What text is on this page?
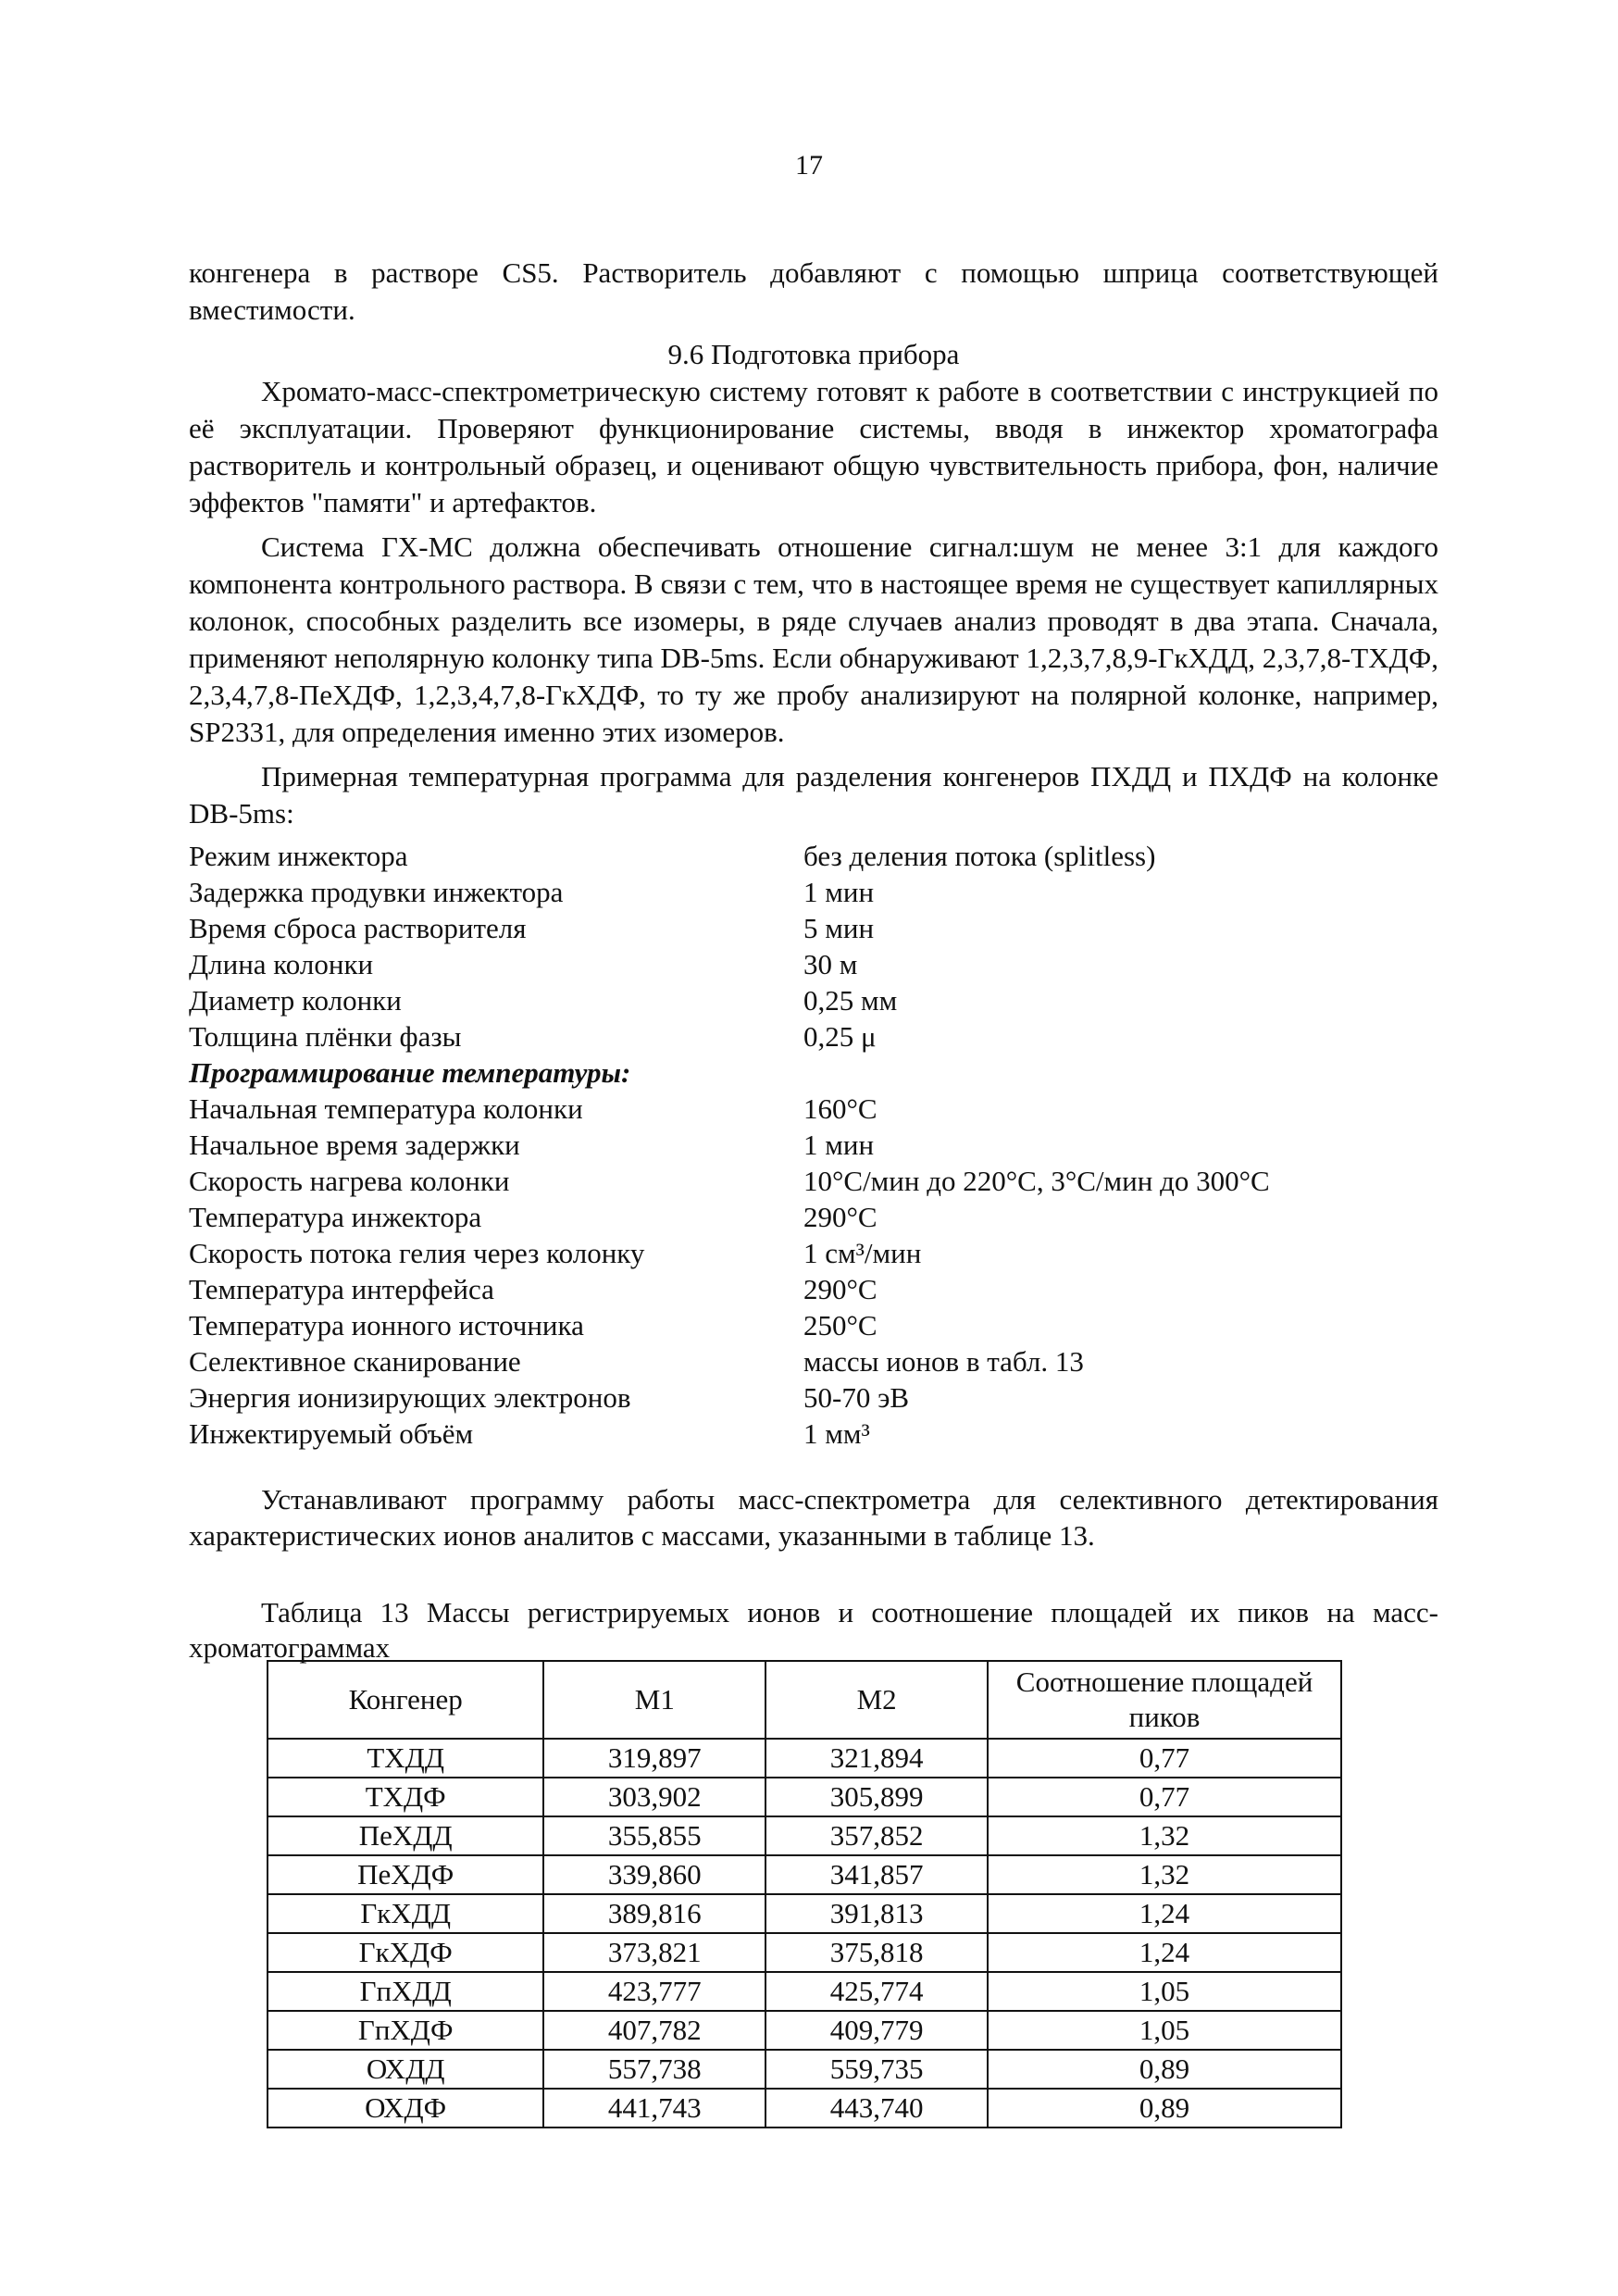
17

конгенера в растворе CS5. Растворитель добавляют с помощью шприца соответствующей вместимости.

9.6 Подготовка прибора

Хромато-масс-спектрометрическую систему готовят к работе в соответствии с инструкцией по её эксплуатации. Проверяют функционирование системы, вводя в инжектор хроматографа растворитель и контрольный образец, и оценивают общую чувствительность прибора, фон, наличие эффектов "памяти" и артефактов.

Система ГХ-МС должна обеспечивать отношение сигнал:шум не менее 3:1 для каждого компонента контрольного раствора. В связи с тем, что в настоящее время не существует капиллярных колонок, способных разделить все изомеры, в ряде случаев анализ проводят в два этапа. Сначала, применяют неполярную колонку типа DB-5ms. Если обнаруживают 1,2,3,7,8,9-ГкХДД, 2,3,7,8-ТХДФ, 2,3,4,7,8-ПеХДФ, 1,2,3,4,7,8-ГкХДФ, то ту же пробу анализируют на полярной колонке, например, SP2331, для определения именно этих изомеров.

Примерная температурная программа для разделения конгенеров ПХДД и ПХДФ на колонке DB-5ms:

Режим инжектора	без деления потока (splitless)
Задержка продувки инжектора	1 мин
Время сброса растворителя	5 мин
Длина колонки	30 м
Диаметр колонки	0,25 мм
Толщина плёнки фазы	0,25 μ
Программирование температуры:
Начальная температура колонки	160°С
Начальное время задержки	1 мин
Скорость нагрева колонки	10°С/мин до 220°С, 3°С/мин до 300°С
Температура инжектора	290°С
Скорость потока гелия через колонку	1 см³/мин
Температура интерфейса	290°С
Температура ионного источника	250°С
Селективное сканирование	массы ионов в табл. 13
Энергия ионизирующих электронов	50-70 эВ
Инжектируемый объём	1 мм³

Устанавливают программу работы масс-спектрометра для селективного детектирования характеристических ионов аналитов с массами, указанными в таблице 13.

Таблица 13 Массы регистрируемых ионов и соотношение площадей их пиков на масс-хроматограммах

Конгенер	M1	M2	Соотношение площадей пиков
ТХДД	319,897	321,894	0,77
ТХДФ	303,902	305,899	0,77
ПеХДД	355,855	357,852	1,32
ПеХДФ	339,860	341,857	1,32
ГкХДД	389,816	391,813	1,24
ГкХДФ	373,821	375,818	1,24
ГпХДД	423,777	425,774	1,05
ГпХДФ	407,782	409,779	1,05
ОХДД	557,738	559,735	0,89
ОХДФ	441,743	443,740	0,89
